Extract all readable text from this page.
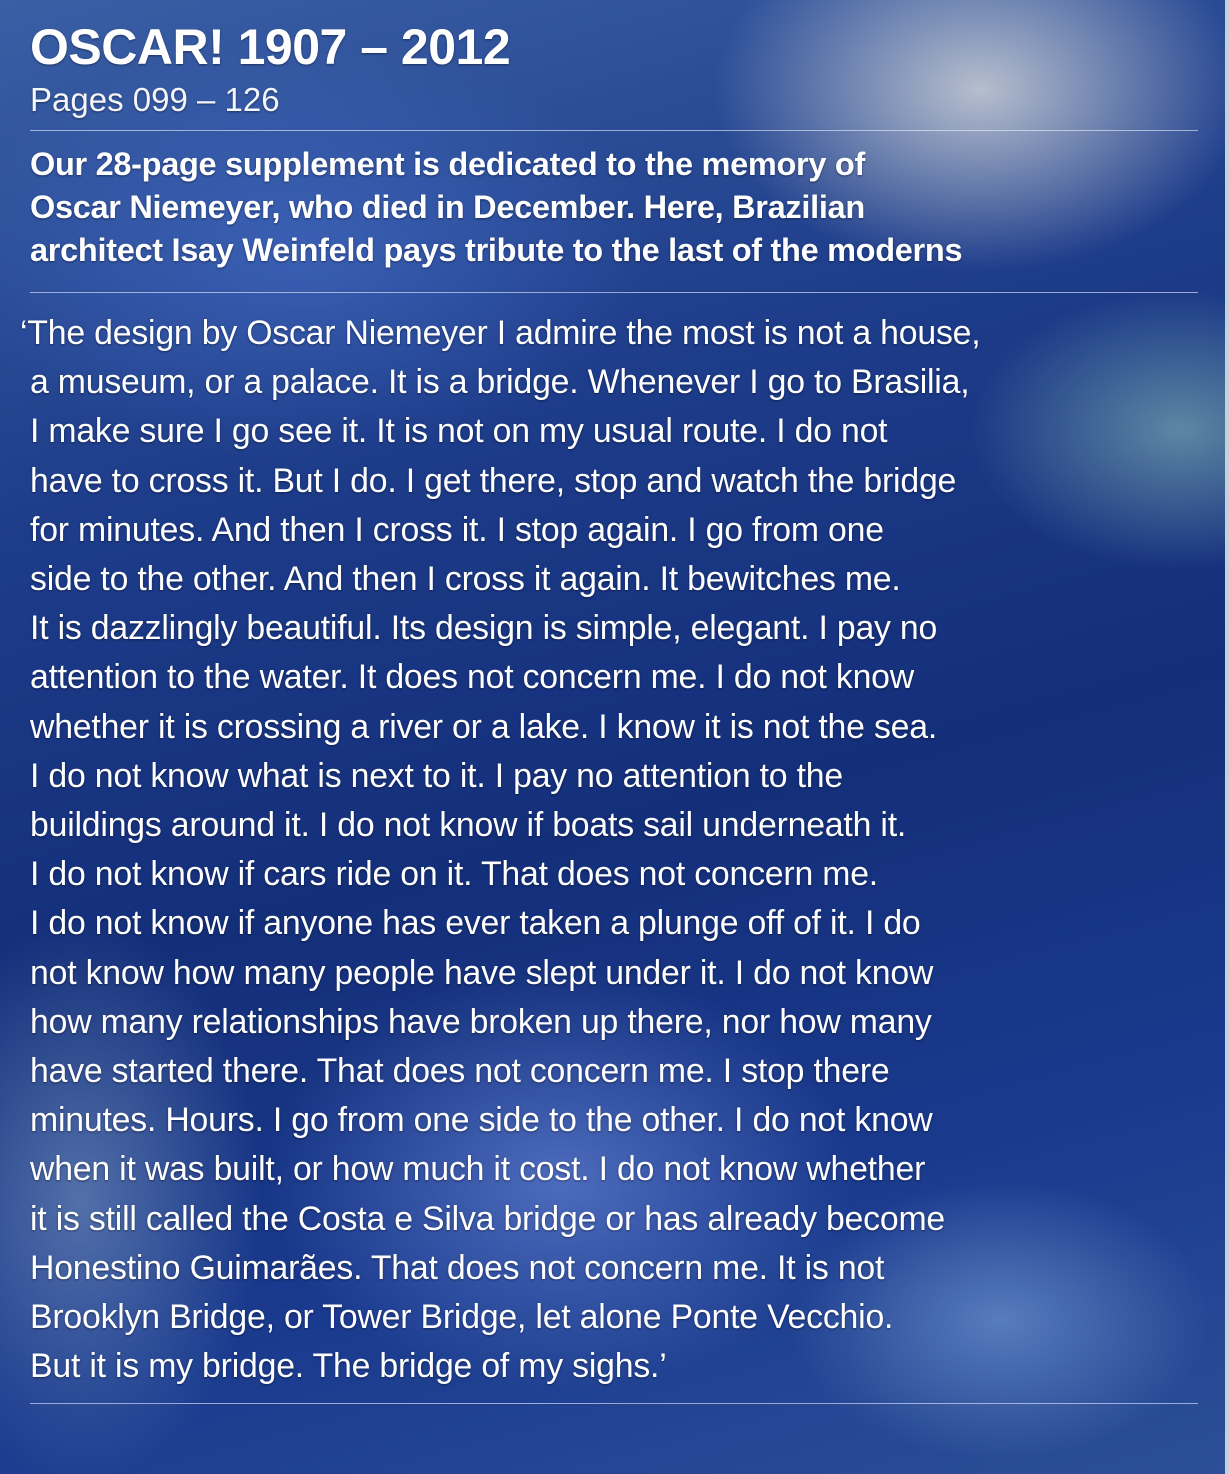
OSCAR! 1907 – 2012
Pages 099 – 126
Our 28-page supplement is dedicated to the memory of
Oscar Niemeyer, who died in December. Here, Brazilian
architect Isay Weinfeld pays tribute to the last of the moderns
‘The design by Oscar Niemeyer I admire the most is not a house,
a museum, or a palace. It is a bridge. Whenever I go to Brasilia,
I make sure I go see it. It is not on my usual route. I do not
have to cross it. But I do. I get there, stop and watch the bridge
for minutes. And then I cross it. I stop again. I go from one
side to the other. And then I cross it again. It bewitches me.
It is dazzlingly beautiful. Its design is simple, elegant. I pay no
attention to the water. It does not concern me. I do not know
whether it is crossing a river or a lake. I know it is not the sea.
I do not know what is next to it. I pay no attention to the
buildings around it. I do not know if boats sail underneath it.
I do not know if cars ride on it. That does not concern me.
I do not know if anyone has ever taken a plunge off of it. I do
not know how many people have slept under it. I do not know
how many relationships have broken up there, nor how many
have started there. That does not concern me. I stop there
minutes. Hours. I go from one side to the other. I do not know
when it was built, or how much it cost. I do not know whether
it is still called the Costa e Silva bridge or has already become
Honestino Guimarães. That does not concern me. It is not
Brooklyn Bridge, or Tower Bridge, let alone Ponte Vecchio.
But it is my bridge. The bridge of my sighs.’
